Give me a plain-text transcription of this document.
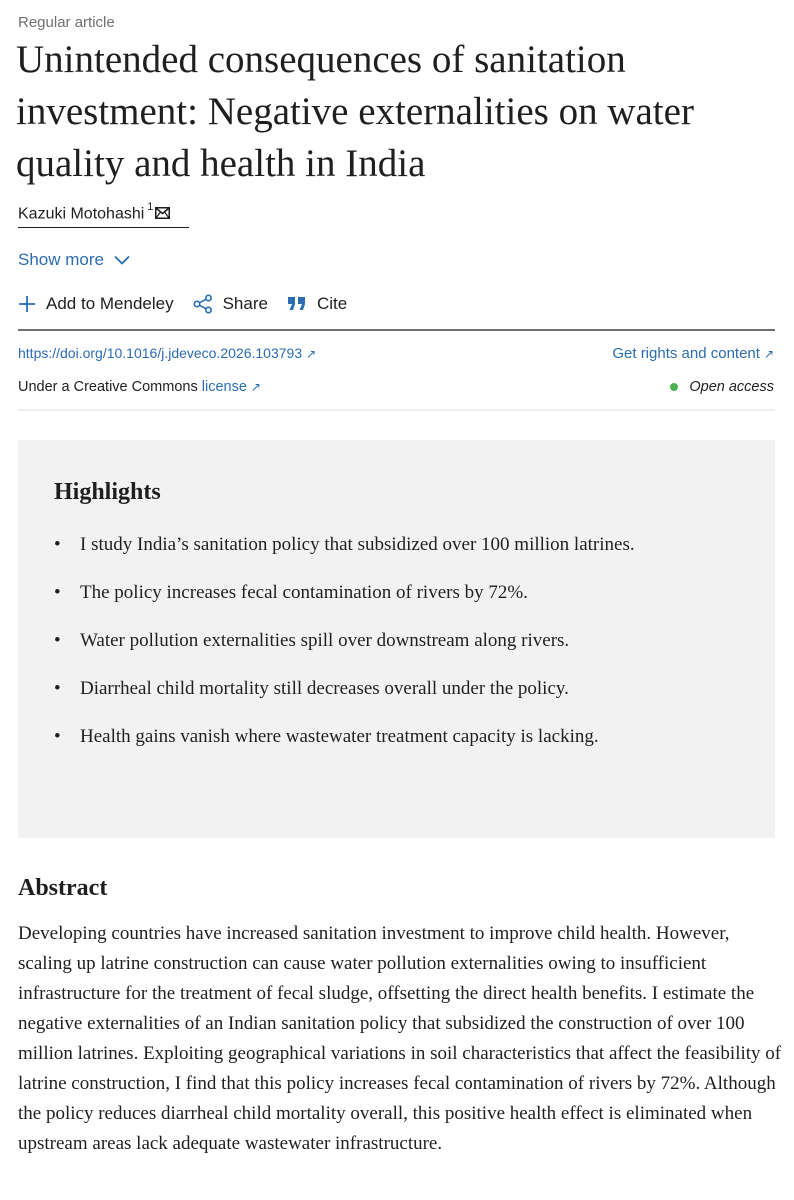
Regular article
Unintended consequences of sanitation investment: Negative externalities on water quality and health in India
Kazuki Motohashi $^1$
Show more
Add to Mendeley	Share	Cite
https://doi.org/10.1016/j.jdeveco.2026.103793 ↗	Get rights and content ↗
Under a Creative Commons license ↗	Open access
Highlights
• I study India’s sanitation policy that subsidized over 100 million latrines.
• The policy increases fecal contamination of rivers by 72%.
• Water pollution externalities spill over downstream along rivers.
• Diarrheal child mortality still decreases overall under the policy.
• Health gains vanish where wastewater treatment capacity is lacking.
Abstract

Developing countries have increased sanitation investment to improve child health. However, scaling up latrine construction can cause water pollution externalities owing to insufficient infrastructure for the treatment of fecal sludge, offsetting the direct health benefits. I estimate the negative externalities of an Indian sanitation policy that subsidized the construction of over 100 million latrines. Exploiting geographical variations in soil characteristics that affect the feasibility of latrine construction, I find that this policy increases fecal contamination of rivers by 72%. Although the policy reduces diarrheal child mortality overall, this positive health effect is eliminated when upstream areas lack adequate wastewater infrastructure.
